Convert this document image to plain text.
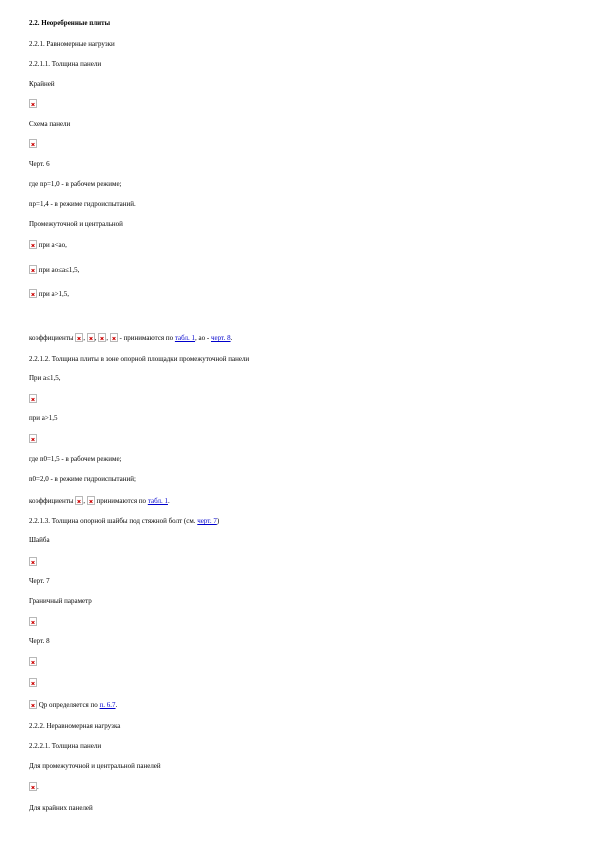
2.2. Неоребренные плиты
2.2.1. Равномерные нагрузки
2.2.1.1. Толщина панели
Крайней
Схема панели
Черт. 6
где np=1,0 - в рабочем режиме;
np=1,4 - в режиме гидроиспытаний.
Промежуточной и центральной
при a<ao,
при ao≤a≤1,5,
при a>1,5,
коэффициенты , , ,  - принимаются по табл. 1, ao - черт. 8.
2.2.1.2. Толщина плиты в зоне опорной площадки промежуточной панели
При a≤1,5,
при a>1,5
где n0=1,5 - в рабочем режиме;
n0=2,0 - в режиме гидроиспытаний;
коэффициенты ,  принимаются по табл. 1.
2.2.1.3. Толщина опорной шайбы под стяжной болт (см. черт. 7)
Шайба
Черт. 7
Граничный параметр
Черт. 8
Qp определяется по п. 6.7.
2.2.2. Неравномерная нагрузка
2.2.2.1. Толщина панели
Для промежуточной и центральной панелей
.
Для крайних панелей
